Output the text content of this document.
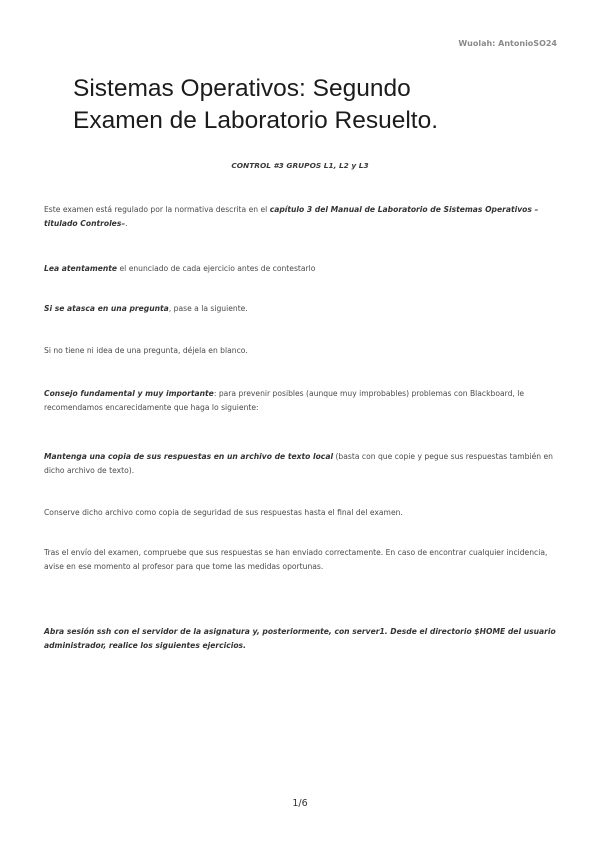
Wuolah: AntonioSO24
Sistemas Operativos: Segundo
Examen de Laboratorio Resuelto.
CONTROL #3 GRUPOS L1, L2 y L3

Este examen está regulado por la normativa descrita en el capítulo 3 del Manual de Laboratorio de Sistemas Operativos – titulado Controles–.

Lea atentamente el enunciado de cada ejercicio antes de contestarlo

Si se atasca en una pregunta, pase a la siguiente.

Si no tiene ni idea de una pregunta, déjela en blanco.

Consejo fundamental y muy importante: para prevenir posibles (aunque muy improbables) problemas con Blackboard, le recomendamos encarecidamente que haga lo siguiente:

Mantenga una copia de sus respuestas en un archivo de texto local (basta con que copie y pegue sus respuestas también en dicho archivo de texto).

Conserve dicho archivo como copia de seguridad de sus respuestas hasta el final del examen.

Tras el envío del examen, compruebe que sus respuestas se han enviado correctamente. En caso de encontrar cualquier incidencia, avise en ese momento al profesor para que tome las medidas oportunas.

Abra sesión ssh con el servidor de la asignatura y, posteriormente, con server1. Desde el directorio $HOME del usuario administrador, realice los siguientes ejercicios.

1/6
